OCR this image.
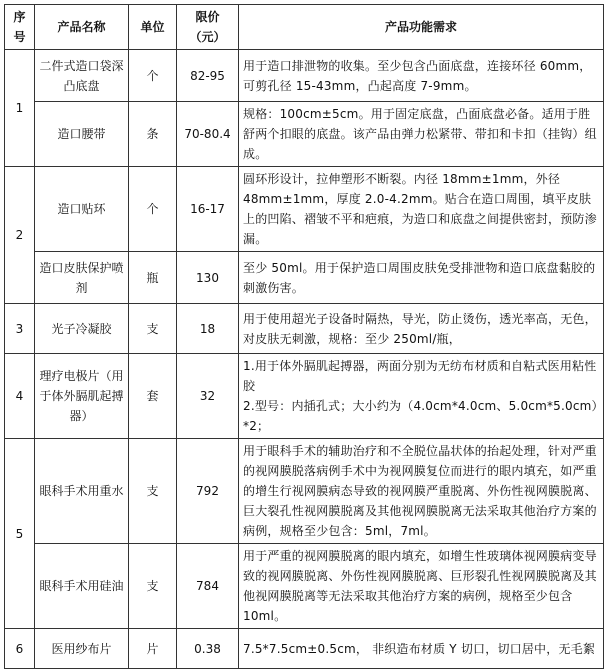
序号	产品名称	单位	限价（元）	产品功能需求
1	二件式造口袋深凸底盘	个	82-95	用于造口排泄物的收集。至少包含凸面底盘，连接环径 60mm，可剪孔径 15-43mm，凸起高度 7-9mm。
	造口腰带	条	70-80.4	规格：100cm±5cm。用于固定底盘，凸面底盘必备。适用于胜舒两个扣眼的底盘。该产品由弹力松紧带、带扣和卡扣（挂钩）组成。
2	造口贴环	个	16-17	圆环形设计，拉伸塑形不断裂。内径 18mm±1mm，外径 48mm±1mm，厚度 2.0-4.2mm。贴合在造口周围，填平皮肤上的凹陷、褶皱不平和疤痕，为造口和底盘之间提供密封，预防渗漏。
	造口皮肤保护喷剂	瓶	130	至少 50ml。用于保护造口周围皮肤免受排泄物和造口底盘黏胶的刺激伤害。
3	光子冷凝胶	支	18	用于使用超光子设备时隔热，导光，防止烫伤，透光率高，无色，对皮肤无刺激，规格：至少 250ml/瓶，
4	理疗电极片（用于体外膈肌起搏器）	套	32	1.用于体外膈肌起搏器，两面分别为无纺布材质和自粘式医用粘性胶
2.型号：内插孔式；大小约为（4.0cm*4.0cm、5.0cm*5.0cm）*2；
5	眼科手术用重水	支	792	用于眼科手术的辅助治疗和不全脱位晶状体的抬起处理，针对严重的视网膜脱落病例手术中为视网膜复位而进行的眼内填充，如严重的增生行视网膜病态导致的视网膜严重脱离、外伤性视网膜脱离、巨大裂孔性视网膜脱离及其他视网膜脱离无法采取其他治疗方案的病例，规格至少包含：5ml，7ml。
	眼科手术用硅油	支	784	用于严重的视网膜脱离的眼内填充，如增生性玻璃体视网膜病变导致的视网膜脱离、外伤性视网膜脱离、巨形裂孔性视网膜脱离及其他视网膜脱离等无法采取其他治疗方案的病例，规格至少包含 10ml。
6	医用纱布片	片	0.38	7.5*7.5cm±0.5cm， 非织造布材质 Y 切口，切口居中，无毛絮
